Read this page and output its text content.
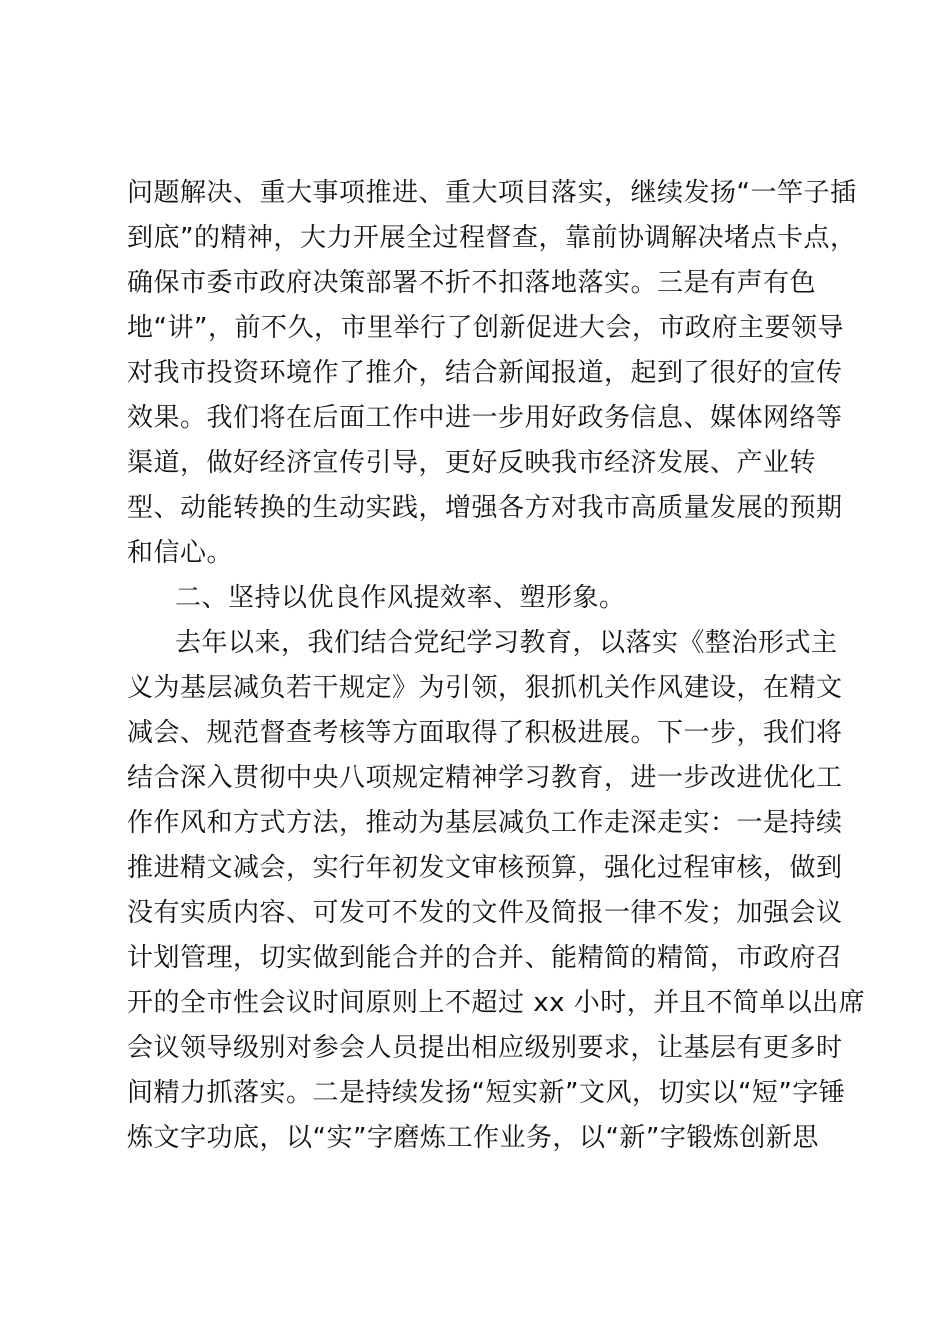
问题解决、重大事项推进、重大项目落实，继续发扬“一竿子插
到底”的精神，大力开展全过程督查，靠前协调解决堵点卡点，
确保市委市政府决策部署不折不扣落地落实。三是有声有色
地“讲”，前不久，市里举行了创新促进大会，市政府主要领导
对我市投资环境作了推介，结合新闻报道，起到了很好的宣传
效果。我们将在后面工作中进一步用好政务信息、媒体网络等
渠道，做好经济宣传引导，更好反映我市经济发展、产业转
型、动能转换的生动实践，增强各方对我市高质量发展的预期
和信心。
二、坚持以优良作风提效率、塑形象。
去年以来，我们结合党纪学习教育，以落实《整治形式主
义为基层减负若干规定》为引领，狠抓机关作风建设，在精文
减会、规范督查考核等方面取得了积极进展。下一步，我们将
结合深入贯彻中央八项规定精神学习教育，进一步改进优化工
作作风和方式方法，推动为基层减负工作走深走实：一是持续
推进精文减会，实行年初发文审核预算，强化过程审核，做到
没有实质内容、可发可不发的文件及简报一律不发；加强会议
计划管理，切实做到能合并的合并、能精简的精简，市政府召
开的全市性会议时间原则上不超过 xx 小时，并且不简单以出席
会议领导级别对参会人员提出相应级别要求，让基层有更多时
间精力抓落实。二是持续发扬“短实新”文风，切实以“短”字锤
炼文字功底，以“实”字磨炼工作业务，以“新”字锻炼创新思
